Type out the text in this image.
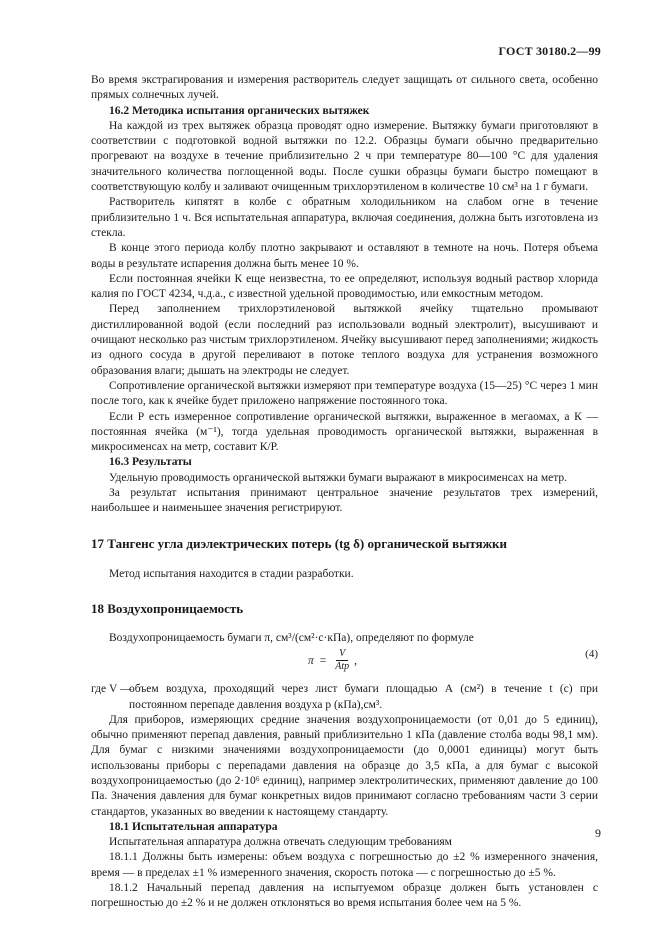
ГОСТ 30180.2—99

Во время экстрагирования и измерения растворитель следует защищать от сильного света, особенно прямых солнечных лучей.

16.2 Методика испытания органических вытяжек

На каждой из трех вытяжек образца проводят одно измерение. Вытяжку бумаги приготовляют в соответствии с подготовкой водной вытяжки по 12.2. Образцы бумаги обычно предварительно прогревают на воздухе в течение приблизительно 2 ч при температуре 80—100 °С для удаления значительного количества поглощенной воды. После сушки образцы бумаги быстро помещают в соответствующую колбу и заливают очищенным трихлорэтиленом в количестве 10 см³ на 1 г бумаги.

Растворитель кипятят в колбе с обратным холодильником на слабом огне в течение приблизительно 1 ч. Вся испытательная аппаратура, включая соединения, должна быть изготовлена из стекла.

В конце этого периода колбу плотно закрывают и оставляют в темноте на ночь. Потеря объема воды в результате испарения должна быть менее 10 %.

Если постоянная ячейки К еще неизвестна, то ее определяют, используя водный раствор хлорида калия по ГОСТ 4234, ч.д.а., с известной удельной проводимостью, или емкостным методом.

Перед заполнением трихлорэтиленовой вытяжкой ячейку тщательно промывают дистиллированной водой (если последний раз использовали водный электролит), высушивают и очищают несколько раз чистым трихлорэтиленом. Ячейку высушивают перед заполнениями; жидкость из одного сосуда в другой переливают в потоке теплого воздуха для устранения возможного образования влаги; дышать на электроды не следует.

Сопротивление органической вытяжки измеряют при температуре воздуха (15—25) °С через 1 мин после того, как к ячейке будет приложено напряжение постоянного тока.

Если Р есть измеренное сопротивление органической вытяжки, выраженное в мегаомах, а К — постоянная ячейка (м⁻¹), тогда удельная проводимость органической вытяжки, выраженная в микросименсах на метр, составит К/Р.

16.3 Результаты

Удельную проводимость органической вытяжки бумаги выражают в микросименсах на метр.

За результат испытания принимают центральное значение результатов трех измерений, наибольшее и наименьшее значения регистрируют.

17 Тангенс угла диэлектрических потерь (tg δ) органической вытяжки

Метод испытания находится в стадии разработки.

18 Воздухопроницаемость

Воздухопроницаемость бумаги π, см³/(см²·с·кПа), определяют по формуле

$\pi = \frac{V}{\text{Atp}}$ ,
(4)
где V —
объем воздуха, проходящий через лист бумаги площадью А (см²) в течение t (с) при постоянном перепаде давления воздуха р (кПа),см³.

Для приборов, измеряющих средние значения воздухопроницаемости (от 0,01 до 5 единиц), обычно применяют перепад давления, равный приблизительно 1 кПа (давление столба воды 98,1 мм). Для бумаг с низкими значениями воздухопроницаемости (до 0,0001 единицы) могут быть использованы приборы с перепадами давления на образце до 3,5 кПа, а для бумаг с высокой воздухопроницаемостью (до 2·10⁶ единиц), например электролитических, применяют давление до 100 Па. Значения давления для бумаг конкретных видов принимают согласно требованиям части 3 серии стандартов, указанных во введении к настоящему стандарту.

18.1 Испытательная аппаратура

Испытательная аппаратура должна отвечать следующим требованиям

18.1.1 Должны быть измерены: объем воздуха с погрешностью до ±2 % измеренного значения, время — в пределах ±1 % измеренного значения, скорость потока — с погрешностью до ±5 %.

18.1.2 Начальный перепад давления на испытуемом образце должен быть установлен с погрешностью до ±2 % и не должен отклоняться во время испытания более чем на 5 %.

9
